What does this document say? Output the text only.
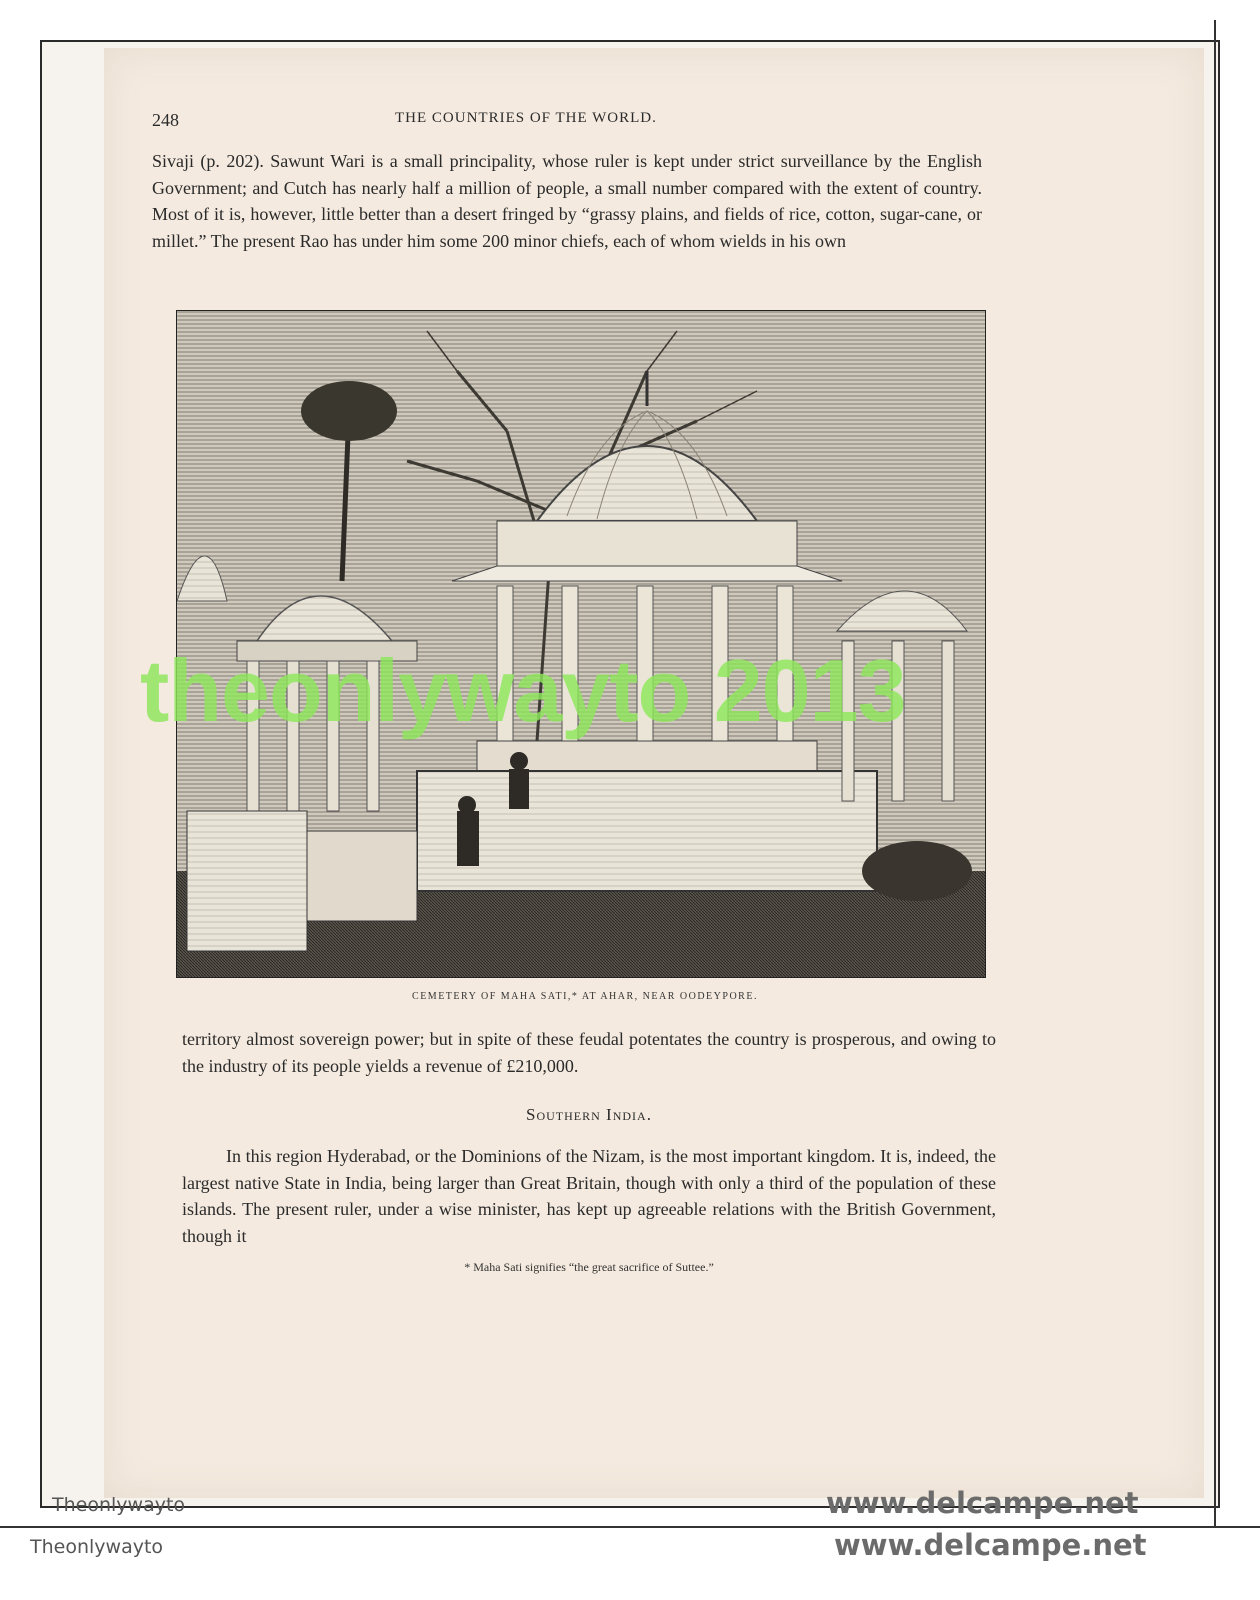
248	THE COUNTRIES OF THE WORLD.

Sivaji (p. 202). Sawunt Wari is a small principality, whose ruler is kept under strict surveillance by the English Government; and Cutch has nearly half a million of people, a small number compared with the extent of country. Most of it is, however, little better than a desert fringed by “grassy plains, and fields of rice, cotton, sugar-cane, or millet.” The present Rao has under him some 200 minor chiefs, each of whom wields in his own

CEMETERY OF MAHA SATI,* AT AHAR, NEAR OODEYPORE.
territory almost sovereign power; but in spite of these feudal potentates the country is prosperous, and owing to the industry of its people yields a revenue of £210,000.
Southern India.

In this region Hyderabad, or the Dominions of the Nizam, is the most important kingdom. It is, indeed, the largest native State in India, being larger than Great Britain, though with only a third of the population of these islands. The present ruler, under a wise minister, has kept up agreeable relations with the British Government, though it

* Maha Sati signifies “the great sacrifice of Suttee.”
theonlywayto 2013
Theonlywayto
Theonlywayto
www.delcampe.net
www.delcampe.net
